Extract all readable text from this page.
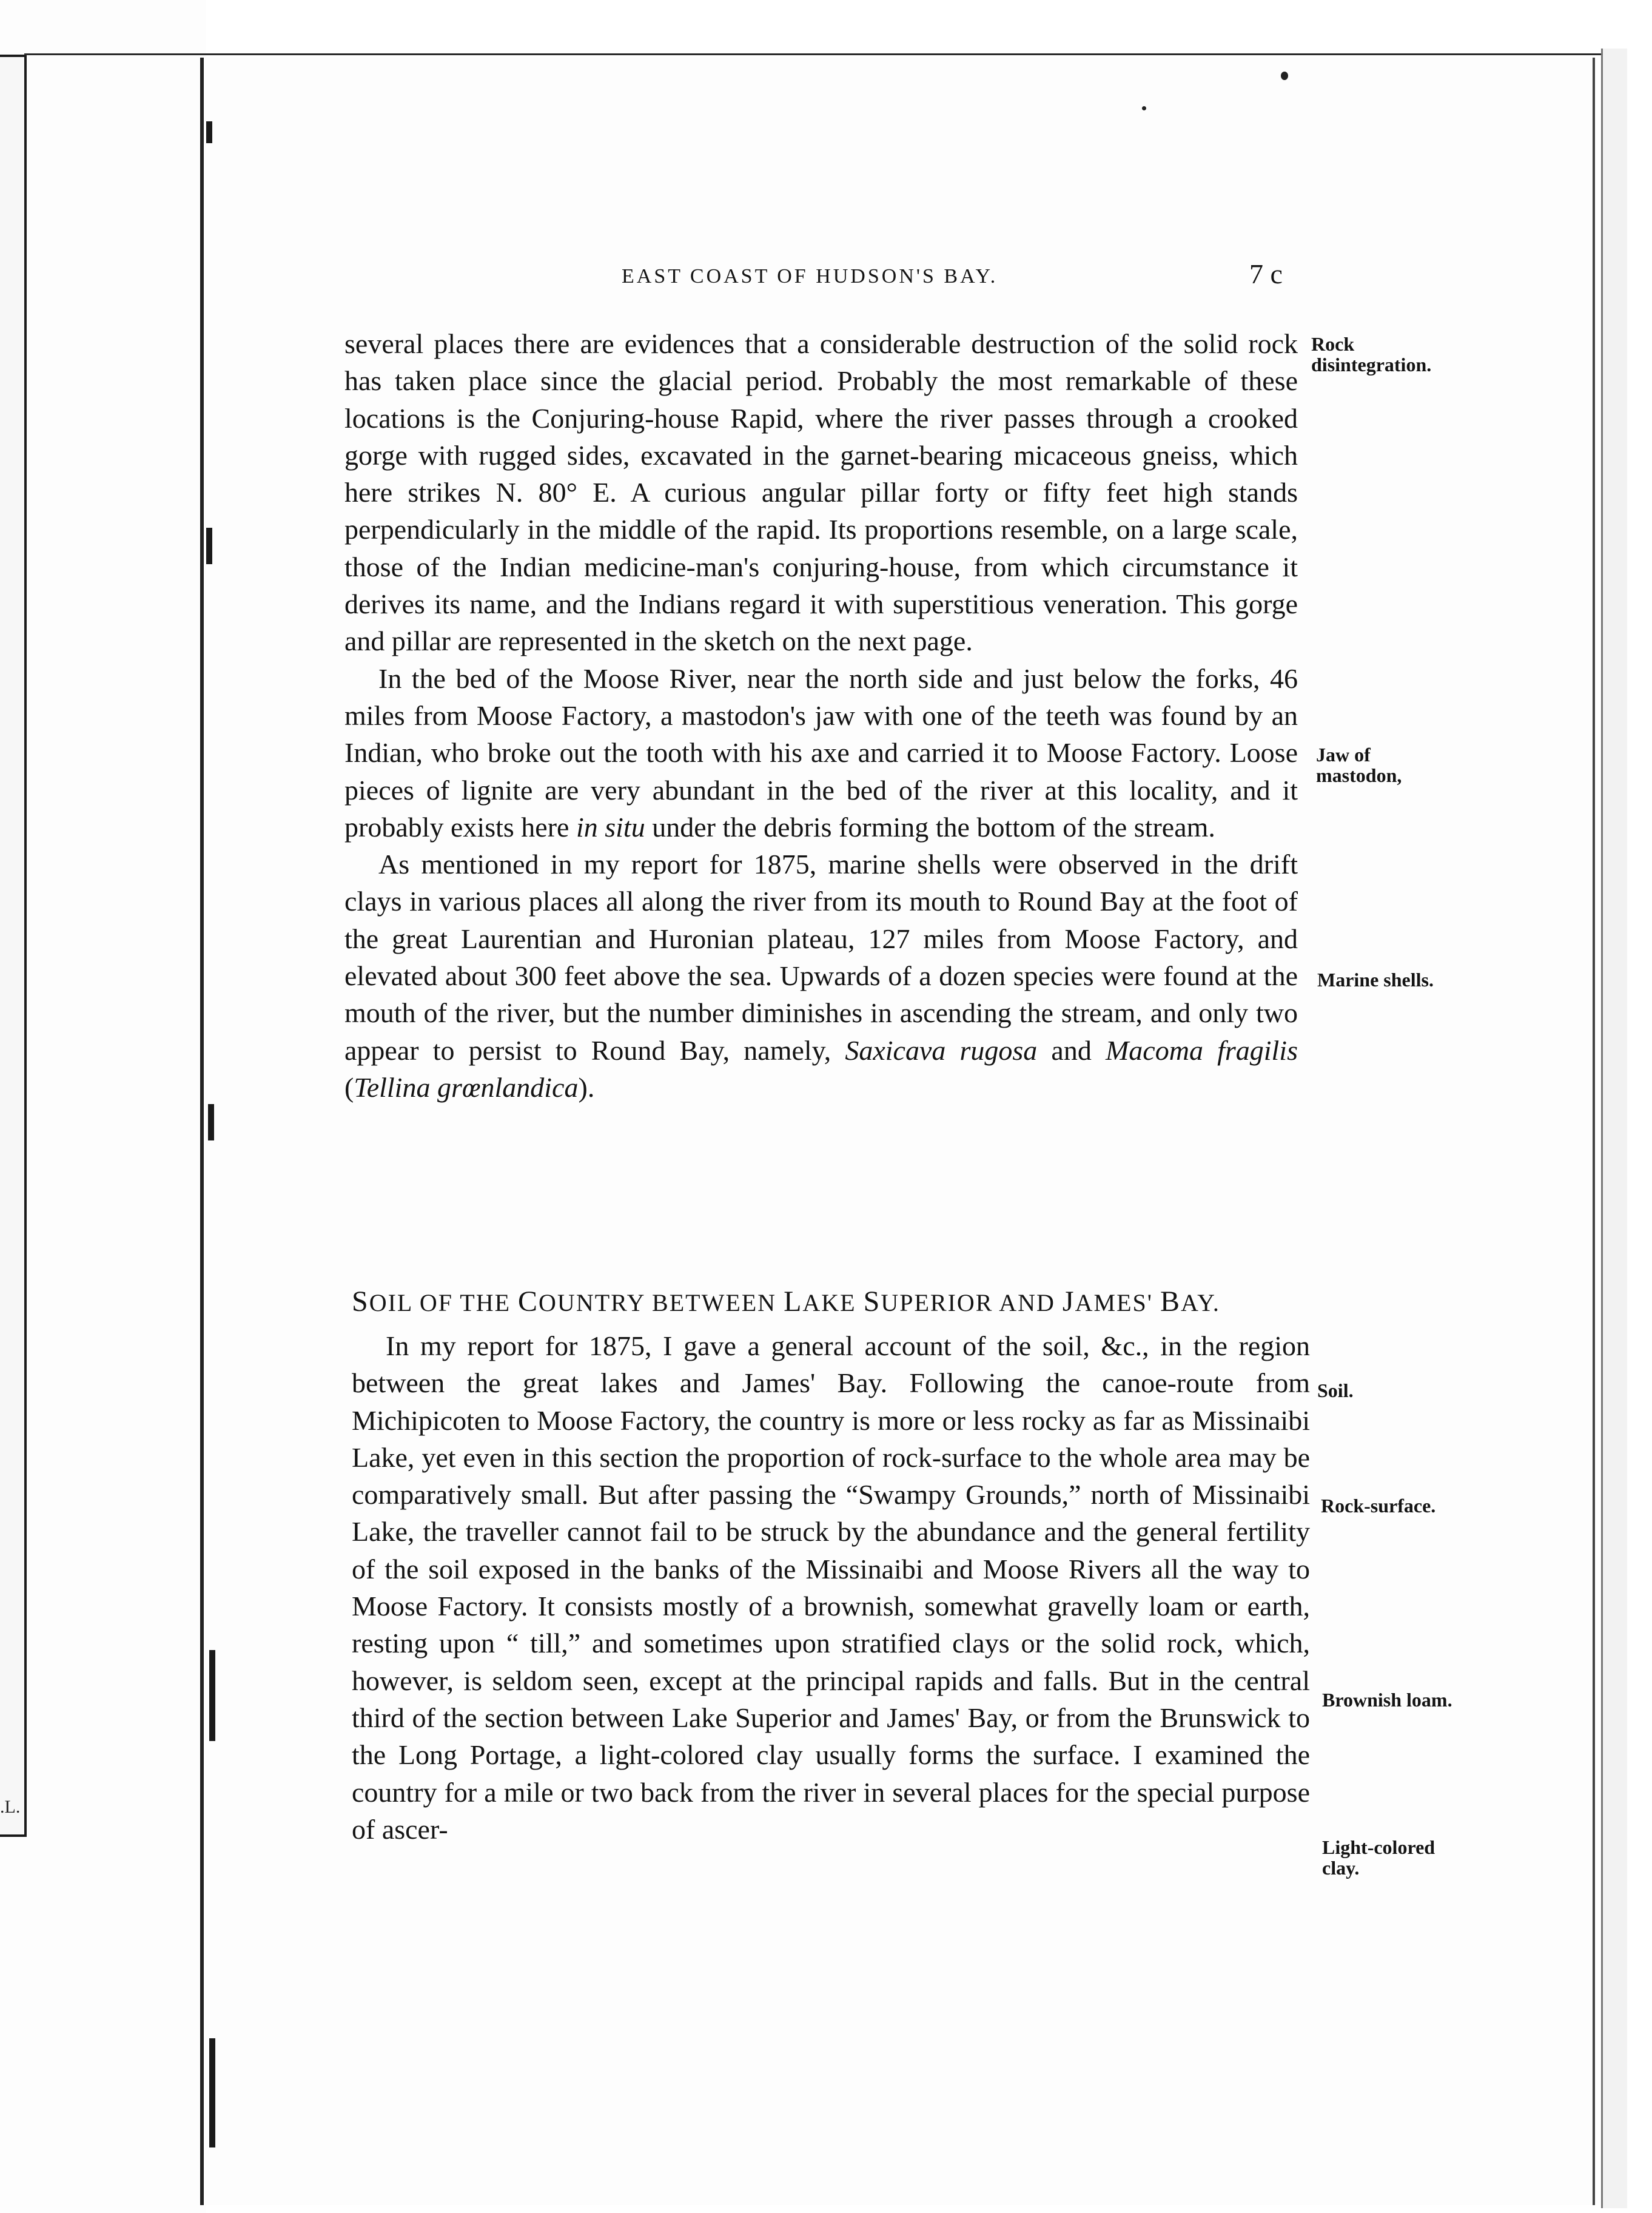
.L.
EAST COAST OF HUDSON'S BAY.	7 c

several places there are evidences that a considerable destruction of the solid rock has taken place since the glacial period. Probably the most remarkable of these locations is the Conjuring-house Rapid, where the river passes through a crooked gorge with rugged sides, excavated in the garnet-bearing micaceous gneiss, which here strikes N. 80° E. A curious angular pillar forty or fifty feet high stands perpendicularly in the middle of the rapid. Its proportions resemble, on a large scale, those of the Indian medicine-man's conjuring-house, from which circumstance it derives its name, and the Indians regard it with superstitious veneration. This gorge and pillar are represented in the sketch on the next page.

In the bed of the Moose River, near the north side and just below the forks, 46 miles from Moose Factory, a mastodon's jaw with one of the teeth was found by an Indian, who broke out the tooth with his axe and carried it to Moose Factory. Loose pieces of lignite are very abundant in the bed of the river at this locality, and it probably exists here in situ under the debris forming the bottom of the stream.

As mentioned in my report for 1875, marine shells were observed in the drift clays in various places all along the river from its mouth to Round Bay at the foot of the great Laurentian and Huronian plateau, 127 miles from Moose Factory, and elevated about 300 feet above the sea. Upwards of a dozen species were found at the mouth of the river, but the number diminishes in ascending the stream, and only two appear to persist to Round Bay, namely, Saxicava rugosa and Macoma fragilis (Tellina grœnlandica).

SOIL OF THE COUNTRY BETWEEN LAKE SUPERIOR AND JAMES' BAY.

In my report for 1875, I gave a general account of the soil, &c., in the region between the great lakes and James' Bay. Following the canoe-route from Michipicoten to Moose Factory, the country is more or less rocky as far as Missinaibi Lake, yet even in this section the proportion of rock-surface to the whole area may be comparatively small. But after passing the “Swampy Grounds,” north of Missinaibi Lake, the traveller cannot fail to be struck by the abundance and the general fertility of the soil exposed in the banks of the Missinaibi and Moose Rivers all the way to Moose Factory. It consists mostly of a brownish, somewhat gravelly loam or earth, resting upon “ till,” and sometimes upon stratified clays or the solid rock, which, however, is seldom seen, except at the principal rapids and falls. But in the central third of the section between Lake Superior and James' Bay, or from the Brunswick to the Long Portage, a light-colored clay usually forms the surface. I examined the country for a mile or two back from the river in several places for the special purpose of ascer-

Rock disintegration.
Jaw of mastodon,
Marine shells.
Soil.
Rock-surface.
Brownish loam.
Light-colored clay.
